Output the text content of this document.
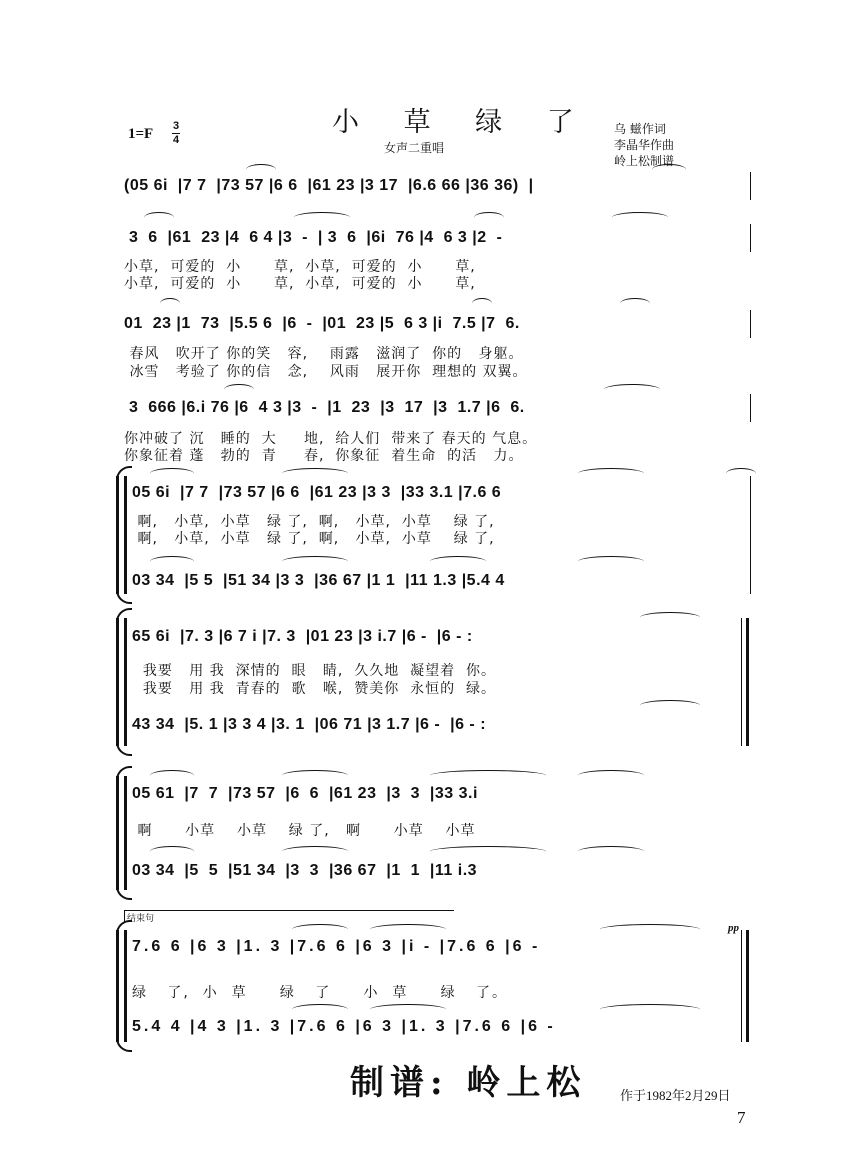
小 草 绿 了
女声二重唱
1=F 3
4
乌 螆作词
李晶华作曲
岭上松制谱
(05 6i  |7 7  |73 57 |6 6  |61 23 |3 17  |6.6 66 |36 36)  |
3  6  |61  23 |4  6 4 |3  -  | 3  6  |6i  76 |4  6 3 |2  -
小草,  可爱的  小      草,  小草,  可爱的  小      草,
小草,  可爱的  小      草,  小草,  可爱的  小      草,
01  23 |1  73  |5.5 6  |6  -  |01  23 |5  6 3 |i  7.5 |7  6.
春风   吹开了 你的笑   容,    雨露   滋润了  你的   身躯。
冰雪   考验了 你的信   念,    风雨   展开你  理想的 双翼。
3  666 |6.i 76 |6  4 3 |3  -  |1  23  |3  17  |3  1.7 |6  6.
你冲破了 沉   睡的  大     地,  给人们  带来了 春天的 气息。
你象征着 蓬   勃的  青     春,  你象征  着生命  的活   力。
05 6i  |7 7  |73 57 |6 6  |61 23 |3 3  |33 3.1 |7.6 6
啊,   小草,  小草   绿 了,  啊,   小草,  小草    绿 了,
啊,   小草,  小草   绿 了,  啊,   小草,  小草    绿 了,
03 34  |5 5  |51 34 |3 3  |36 67 |1 1  |11 1.3 |5.4 4
65 6i  |7. 3 |6 7 i |7. 3  |01 23 |3 i.7 |6 -  |6 - :
我要   用 我  深情的  眼   睛,  久久地  凝望着  你。
我要   用 我  青春的  歌   喉,  赞美你  永恒的  绿。
43 34  |5. 1 |3 3 4 |3. 1  |06 71 |3 1.7 |6 -  |6 - :
05 61  |7  7  |73 57  |6  6  |61 23  |3  3  |33 3.i
啊      小草    小草    绿 了,   啊      小草    小草
03 34  |5  5  |51 34  |3  3  |36 67  |1  1  |11 i.3
结束句
pp
7.6 6 |6 3 |1. 3 |7.6 6 |6 3 |i - |7.6 6 |6 -
绿   了,  小  草     绿   了     小  草     绿   了。
5.4 4 |4 3 |1. 3 |7.6 6 |6 3 |1. 3 |7.6 6 |6 -
制谱: 岭上松	作于1982年2月29日
7
